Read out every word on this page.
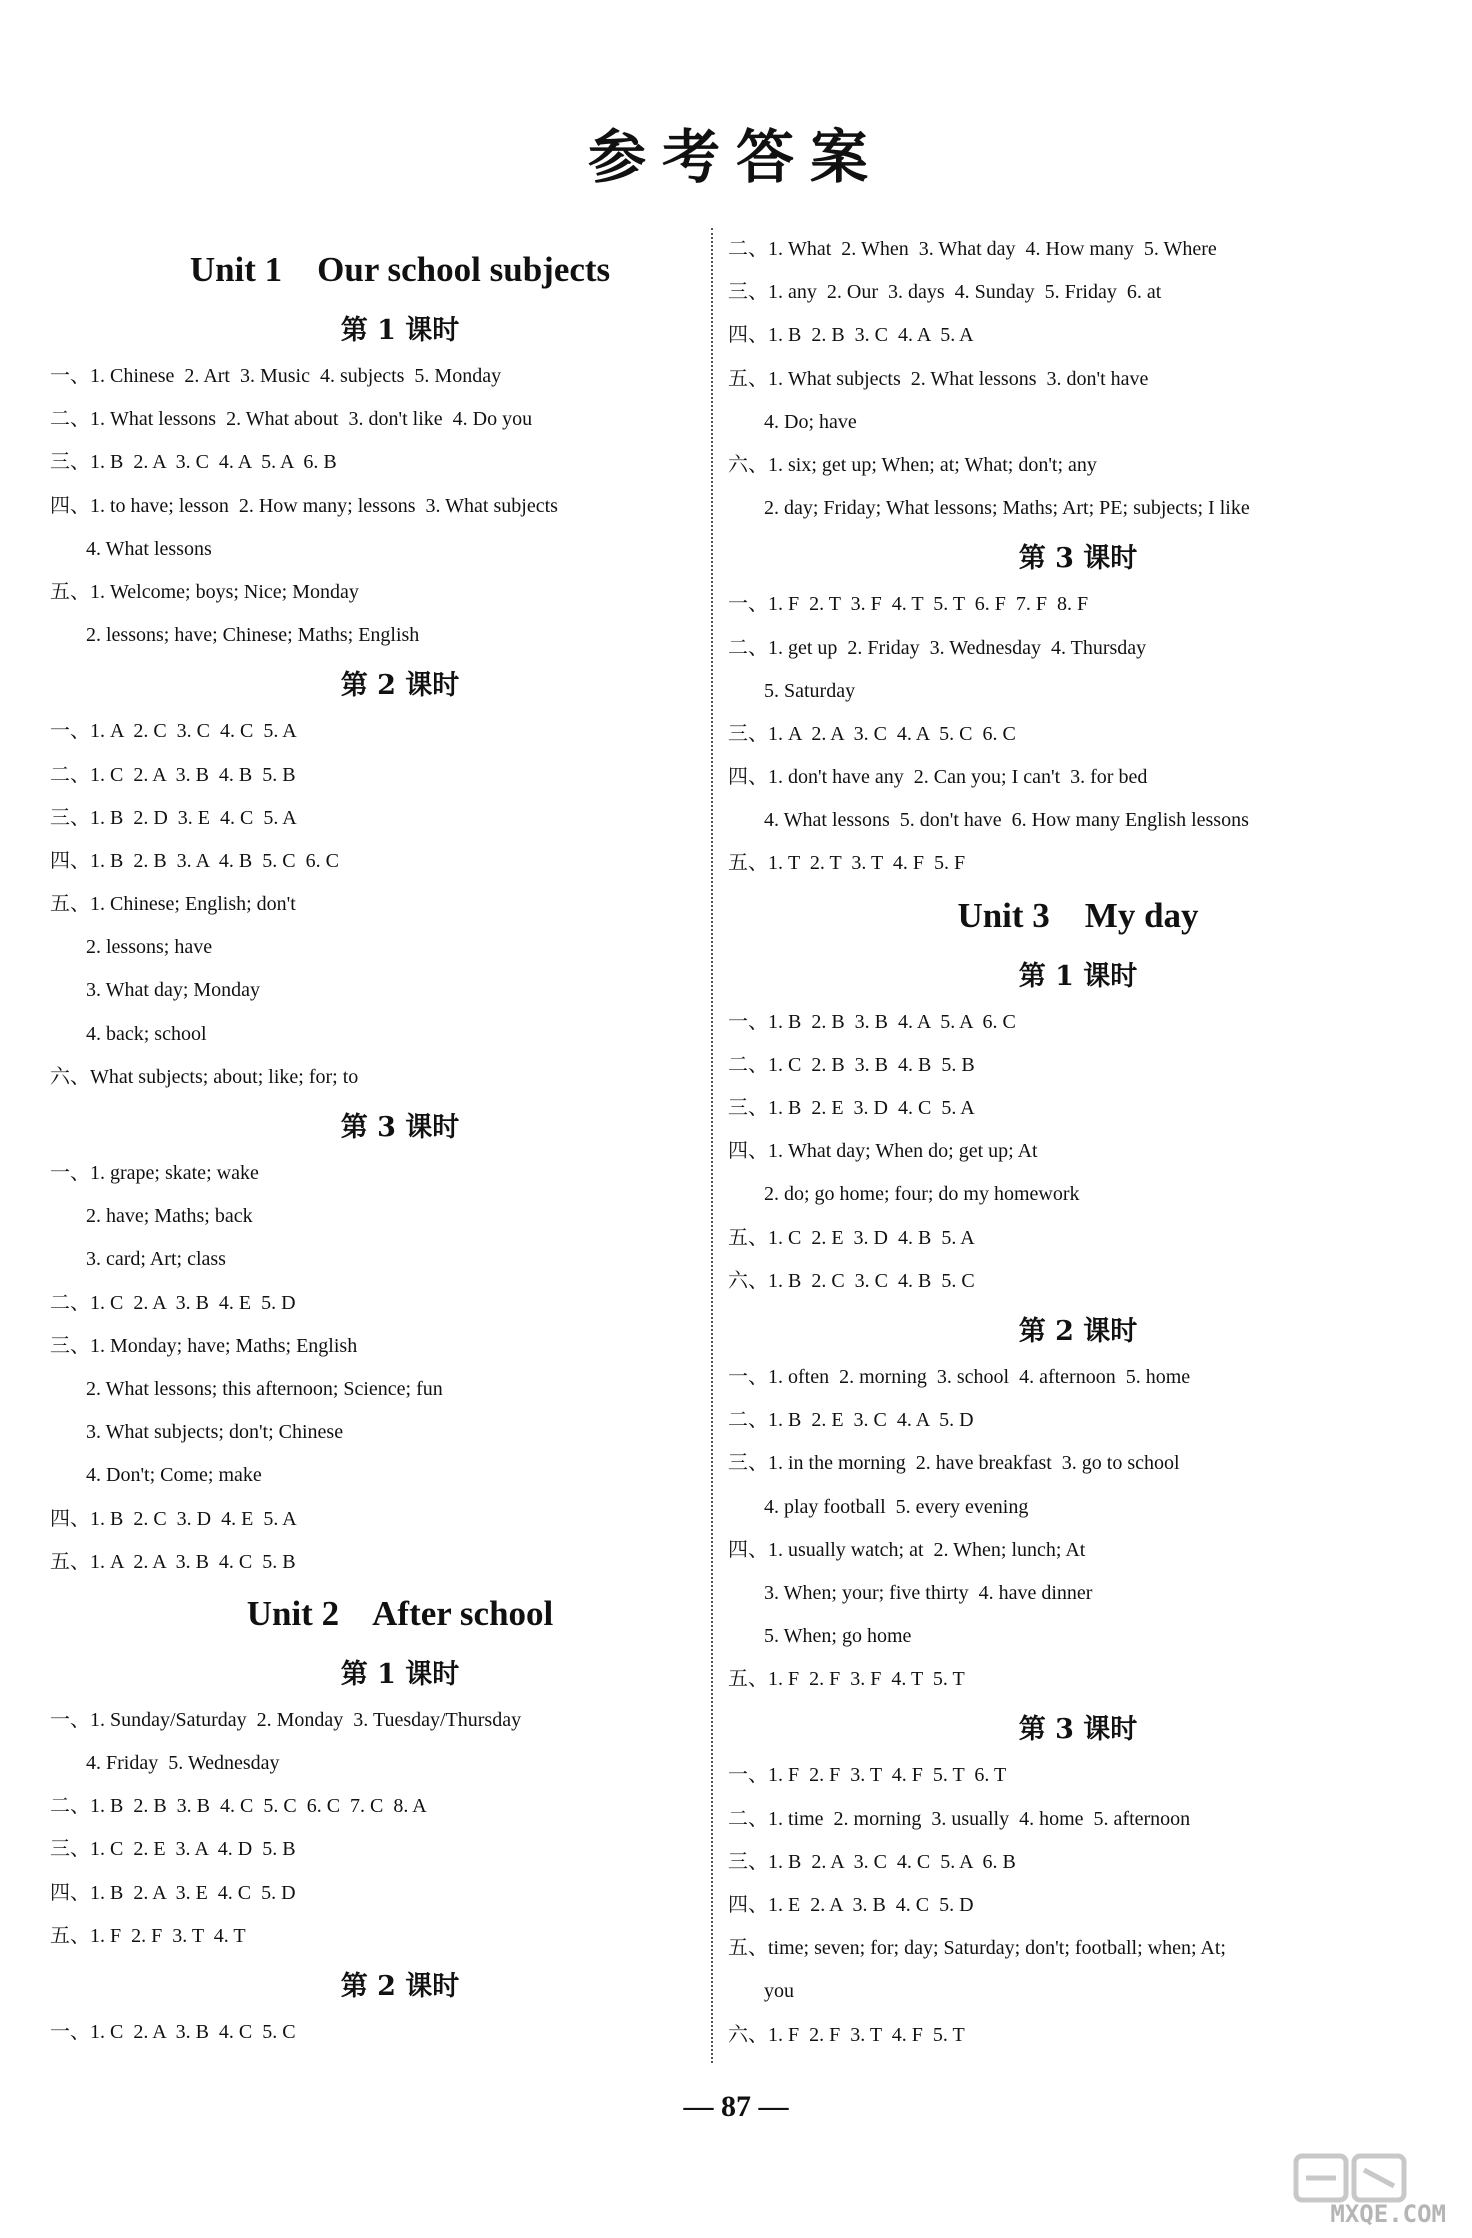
参考答案
Unit 1    Our school subjects
第 1 课时
一、1. Chinese  2. Art  3. Music  4. subjects  5. Monday
二、1. What lessons  2. What about  3. don't like  4. Do you
三、1. B  2. A  3. C  4. A  5. A  6. B
四、1. to have; lesson  2. How many; lessons  3. What subjects
4. What lessons
五、1. Welcome; boys; Nice; Monday
2. lessons; have; Chinese; Maths; English
第 2 课时
一、1. A  2. C  3. C  4. C  5. A
二、1. C  2. A  3. B  4. B  5. B
三、1. B  2. D  3. E  4. C  5. A
四、1. B  2. B  3. A  4. B  5. C  6. C
五、1. Chinese; English; don't
2. lessons; have
3. What day; Monday
4. back; school
六、What subjects; about; like; for; to
第 3 课时
一、1. grape; skate; wake
2. have; Maths; back
3. card; Art; class
二、1. C  2. A  3. B  4. E  5. D
三、1. Monday; have; Maths; English
2. What lessons; this afternoon; Science; fun
3. What subjects; don't; Chinese
4. Don't; Come; make
四、1. B  2. C  3. D  4. E  5. A
五、1. A  2. A  3. B  4. C  5. B
Unit 2    After school
第 1 课时
一、1. Sunday/Saturday  2. Monday  3. Tuesday/Thursday
4. Friday  5. Wednesday
二、1. B  2. B  3. B  4. C  5. C  6. C  7. C  8. A
三、1. C  2. E  3. A  4. D  5. B
四、1. B  2. A  3. E  4. C  5. D
五、1. F  2. F  3. T  4. T
第 2 课时
一、1. C  2. A  3. B  4. C  5. C
二、1. What  2. When  3. What day  4. How many  5. Where
三、1. any  2. Our  3. days  4. Sunday  5. Friday  6. at
四、1. B  2. B  3. C  4. A  5. A
五、1. What subjects  2. What lessons  3. don't have
4. Do; have
六、1. six; get up; When; at; What; don't; any
2. day; Friday; What lessons; Maths; Art; PE; subjects; I like
第 3 课时
一、1. F  2. T  3. F  4. T  5. T  6. F  7. F  8. F
二、1. get up  2. Friday  3. Wednesday  4. Thursday
5. Saturday
三、1. A  2. A  3. C  4. A  5. C  6. C
四、1. don't have any  2. Can you; I can't  3. for bed
4. What lessons  5. don't have  6. How many English lessons
五、1. T  2. T  3. T  4. F  5. F
Unit 3    My day
第 1 课时
一、1. B  2. B  3. B  4. A  5. A  6. C
二、1. C  2. B  3. B  4. B  5. B
三、1. B  2. E  3. D  4. C  5. A
四、1. What day; When do; get up; At
2. do; go home; four; do my homework
五、1. C  2. E  3. D  4. B  5. A
六、1. B  2. C  3. C  4. B  5. C
第 2 课时
一、1. often  2. morning  3. school  4. afternoon  5. home
二、1. B  2. E  3. C  4. A  5. D
三、1. in the morning  2. have breakfast  3. go to school
4. play football  5. every evening
四、1. usually watch; at  2. When; lunch; At
3. When; your; five thirty  4. have dinner
5. When; go home
五、1. F  2. F  3. F  4. T  5. T
第 3 课时
一、1. F  2. F  3. T  4. F  5. T  6. T
二、1. time  2. morning  3. usually  4. home  5. afternoon
三、1. B  2. A  3. C  4. C  5. A  6. B
四、1. E  2. A  3. B  4. C  5. D
五、time; seven; for; day; Saturday; don't; football; when; At;
you
六、1. F  2. F  3. T  4. F  5. T
— 87 —
MXQE.COM
